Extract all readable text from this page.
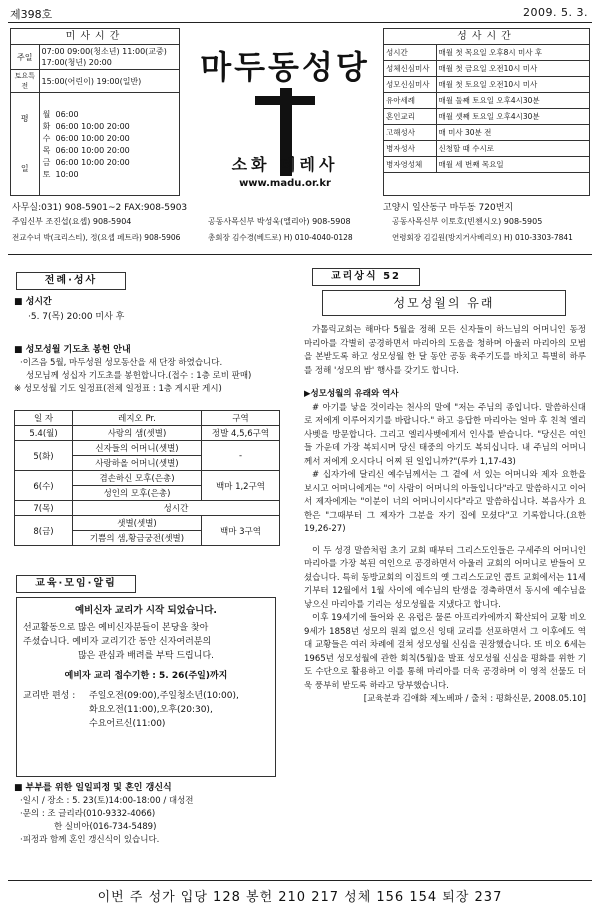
제398호	2009. 5. 3.
미사시간
주일	
07:00 09:00(청소년) 11:00(교중)
17:00(청년) 20:00

토요특전	15:00(어린이) 19:00(일반)

평
일

월	06:00
화	06:00 10:00 20:00
수	06:00 10:00 20:00
목	06:00 10:00 20:00
금	06:00 10:00 20:00
토	10:00
마두동성당
소화 데레사
www.madu.or.kr
성사시간
성시간	매월 첫 목요일 오후8시 미사 후
성체신심미사	매월 첫 금요일 오전10시 미사
성모신심미사	매월 첫 토요일 오전10시 미사
유아세례	매월 둘째 토요일 오후4시30분
혼인교리	매월 셋째 토요일 오후4시30분
고해성사	매 미사 30분 전
병자성사	신청할 때 수시로
병자영성체	매월 세 번째 목요일
사무실:031) 908-5901~2 FAX:908-5903	고양시 일산동구 마두동 720번지
주임신부 조진섭(요셉) 908-5904	공동사목신부 박성욱(엘리아) 908-5908	공동사목신부 이토호(빈첸시오) 908-5905
전교수녀 박(크리스티), 정(요셉 페트라) 908-5906	총회장 김수경(베드로) H) 010-4040-0128	연령회장 김길원(방지거사베리오) H) 010-3303-7841
전례·성사
■ 성시간
·5. 7(목) 20:00 미사 후
■ 성모성월 기도초 봉헌 안내
·이즈음 5월, 마두성원 성모동산을 새 단장 하였습니다.
성모님께 성십자 기도초를 봉헌합니다.(접수 : 1층 로비 판매)
※ 성모성월 기도 일정표(전체 일정표 : 1층 게시판 게시)
일 자	레지오 Pr.	구역
5.4(월)	사랑의 샘(셋별)	정발 4,5,6구역
5(화)	신자들의 어머니(셋별)	-
	사랑하올 어머니(셋별)	
6(수)	겸손하신 모후(은총)	백마 1,2구역
	성인의 모후(은총)	
7(목)	성시간	
8(금)	샛별(셋별)	백마 3구역
	기쁨의 샘,황금궁전(셋별)	
교육·모임·알림
예비신자 교리가 시작 되었습니다.
선교활동으로 많은 예비신자분들이 본당을 찾아
주셨습니다. 예비자 교리기간 동안 신자여러분의
많은 관심과 배려를 부탁 드립니다.
예비자 교리 접수기한 : 5. 26(주일)까지
교리반 편성 :	주일오전(09:00),주일청소년(10:00),
화요오전(11:00),오후(20:30),
수요어르신(11:00)
■ 부부를 위한 일일피정 및 혼인 갱신식
·일시 / 장소 : 5. 23(토)14:00-18:00 / 대성전
·문의 : 조 글리라(010-9332-4066)
한 실비아(016-734-5489)
·피정과 함께 혼인 갱신식이 있습니다.
교리상식 52
성모성월의 유래

가톨릭교회는 해마다 5월을 정해 모든 신자들이 하느님의 어머니인 동정 마리아를 각별히 공경하면서 마리아의 도움을 청하며 아울러 마리아의 모범을 본받도록 하고 성모성월 한 달 동안 공동 육주기도를 바치고 특별히 하루를 정해 '성모의 밤' 행사를 갖기도 합니다.

▶성모성월의 유래와 역사

# 아기를 낳을 것이라는 천사의 말에 "저는 주님의 종입니다. 말씀하신대로 저에게 이루어지기를 바랍니다." 하고 응답한 마리아는 얼마 후 친척 엘리사벳을 방문합니다. 그리고 엘리사벳에게서 인사를 받습니다. "당신은 여인들 가운데 가장 복되시며 당신 태중의 아기도 복되십니다. 내 주님의 어머니께서 저에게 오시다니 어찌 된 일입니까?"(루카 1,17-43)

# 십자가에 달리신 예수님께서는 그 곁에 서 있는 어머니와 제자 요한을 보시고 어머니에게는 "이 사람이 어머니의 아들입니다"라고 말씀하시고 이어서 제자에게는 "이분이 너의 어머니이시다"라고 말씀하십니다. 복음사가 요한은 "그때부터 그 제자가 그분을 자기 집에 모셨다"고 기록합니다.(요한19,26-27)

이 두 성경 말씀처럼 초기 교회 때부터 그리스도인들은 구세주의 어머니인 마리아를 가장 복된 여인으로 공경하면서 아울러 교회의 어머니로 받들어 모셨습니다. 특히 동방교회의 이집트의 옛 그리스도교인 콥트 교회에서는 11세기부터 12월에서 1월 사이에 예수님의 탄생을 경축하면서 동시에 예수님을 낳으신 마리아를 기리는 성모성월을 지냈다고 합니다.

이후 19세기에 들어와 온 유럽은 물론 아프리카에까지 확산되어 교황 비오 9세가 1858년 성모의 원죄 없으신 잉태 교리를 선포하면서 그 이후에도 역대 교황들은 여러 차례에 걸쳐 성모성월 신심을 권장했습니다. 또 비오 6세는 1965년 성모성월에 관한 회칙(5월)을 발표 성모성월 신심을 평화를 위한 기도 수단으로 활용하고 이를 통해 마리아를 더욱 공경하며 이 영적 선물도 더욱 풍부히 받도록 하라고 당부했습니다.

[교육분과 김애화 제노베파 / 출처 : 평화신문, 2008.05.10]

이번 주 성가 입당 128 봉헌 210 217 성체 156 154 퇴장 237
